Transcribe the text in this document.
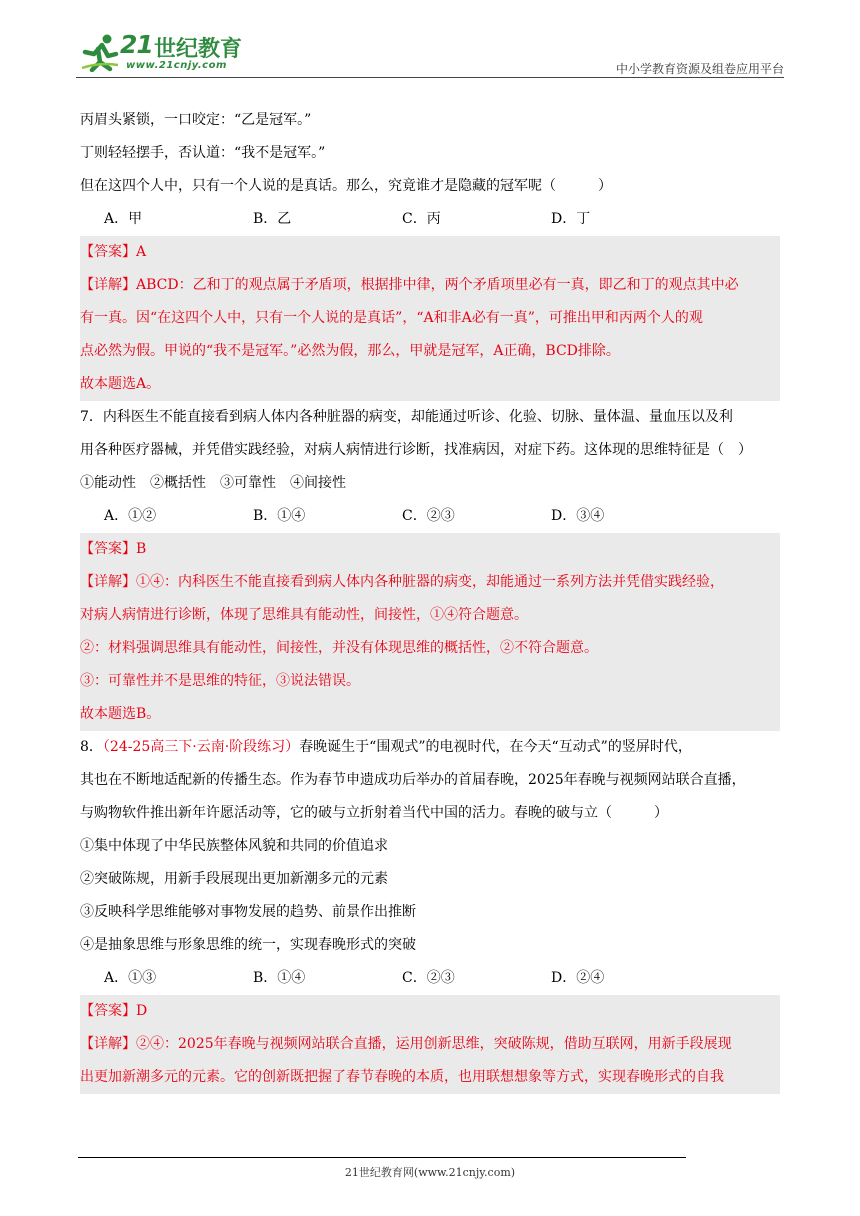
21 世纪教育
www.21cnjy.com	中小学教育资源及组卷应用平台
丙眉头紧锁，一口咬定：“乙是冠军。”
丁则轻轻摆手，否认道：“我不是冠军。”
但在这四个人中，只有一个人说的是真话。那么，究竟谁才是隐藏的冠军呢（　　　）
A．甲	B．乙	C．丙	D．丁
【答案】A
【详解】ABCD：乙和丁的观点属于矛盾项，根据排中律，两个矛盾项里必有一真，即乙和丁的观点其中必
有一真。因“在这四个人中，只有一个人说的是真话”，“A和非A必有一真”，可推出甲和丙两个人的观
点必然为假。甲说的“我不是冠军。”必然为假，那么，甲就是冠军，A正确，BCD排除。
故本题选A。
7．内科医生不能直接看到病人体内各种脏器的病变，却能通过听诊、化验、切脉、量体温、量血压以及利
用各种医疗器械，并凭借实践经验，对病人病情进行诊断，找准病因，对症下药。这体现的思维特征是（　）
①能动性　②概括性　③可靠性　④间接性
A．①②	B．①④	C．②③	D．③④
【答案】B
【详解】①④：内科医生不能直接看到病人体内各种脏器的病变，却能通过一系列方法并凭借实践经验，
对病人病情进行诊断，体现了思维具有能动性，间接性，①④符合题意。
②：材料强调思维具有能动性，间接性，并没有体现思维的概括性，②不符合题意。
③：可靠性并不是思维的特征，③说法错误。
故本题选B。
8．（24-25高三下·云南·阶段练习）春晚诞生于“围观式”的电视时代，在今天“互动式”的竖屏时代，
其也在不断地适配新的传播生态。作为春节申遗成功后举办的首届春晚，2025年春晚与视频网站联合直播，
与购物软件推出新年许愿活动等，它的破与立折射着当代中国的活力。春晚的破与立（　　　）
①集中体现了中华民族整体风貌和共同的价值追求
②突破陈规，用新手段展现出更加新潮多元的元素
③反映科学思维能够对事物发展的趋势、前景作出推断
④是抽象思维与形象思维的统一，实现春晚形式的突破
A．①③	B．①④	C．②③	D．②④
【答案】D
【详解】②④：2025年春晚与视频网站联合直播，运用创新思维，突破陈规，借助互联网，用新手段展现
出更加新潮多元的元素。它的创新既把握了春节春晚的本质，也用联想想象等方式，实现春晚形式的自我
21世纪教育网(www.21cnjy.com)
